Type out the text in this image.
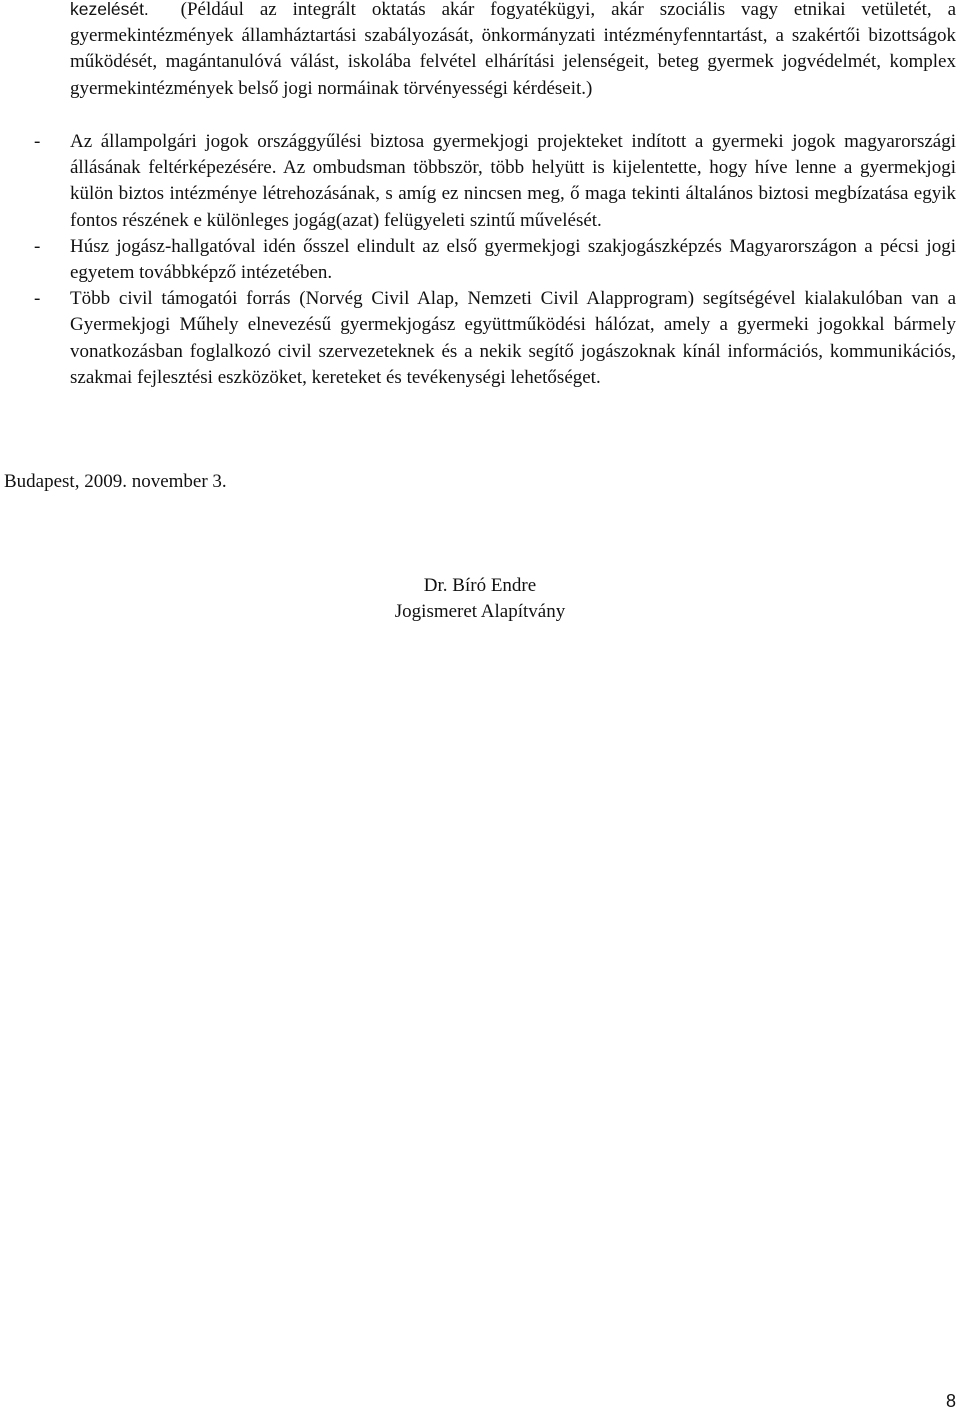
kezelését. (Például az integrált oktatás akár fogyatékügyi, akár szociális vagy etnikai vetületét, a gyermekintézmények államháztartási szabályozását, önkormányzati intézményfenntartást, a szakértői bizottságok működését, magántanulóvá válást, iskolába felvétel elhárítási jelenségeit, beteg gyermek jogvédelmét, komplex gyermekintézmények belső jogi normáinak törvényességi kérdéseit.)
- Az állampolgári jogok országgyűlési biztosa gyermekjogi projekteket indított a gyermeki jogok magyarországi állásának feltérképezésére. Az ombudsman többször, több helyütt is kijelentette, hogy híve lenne a gyermekjogi külön biztos intézménye létrehozásának, s amíg ez nincsen meg, ő maga tekinti általános biztosi megbízatása egyik fontos részének e különleges jogág(azat) felügyeleti szintű művelését.
- Húsz jogász-hallgatóval idén ősszel elindult az első gyermekjogi szakjogászképzés Magyarországon a pécsi jogi egyetem továbbképző intézetében.
- Több civil támogatói forrás (Norvég Civil Alap, Nemzeti Civil Alapprogram) segítségével kialakulóban van a Gyermekjogi Műhely elnevezésű gyermekjogász együttműködési hálózat, amely a gyermeki jogokkal bármely vonatkozásban foglalkozó civil szervezeteknek és a nekik segítő jogászoknak kínál információs, kommunikációs, szakmai fejlesztési eszközöket, kereteket és tevékenységi lehetőséget.
Budapest, 2009. november 3.
Dr. Bíró Endre
Jogismeret Alapítvány
8
